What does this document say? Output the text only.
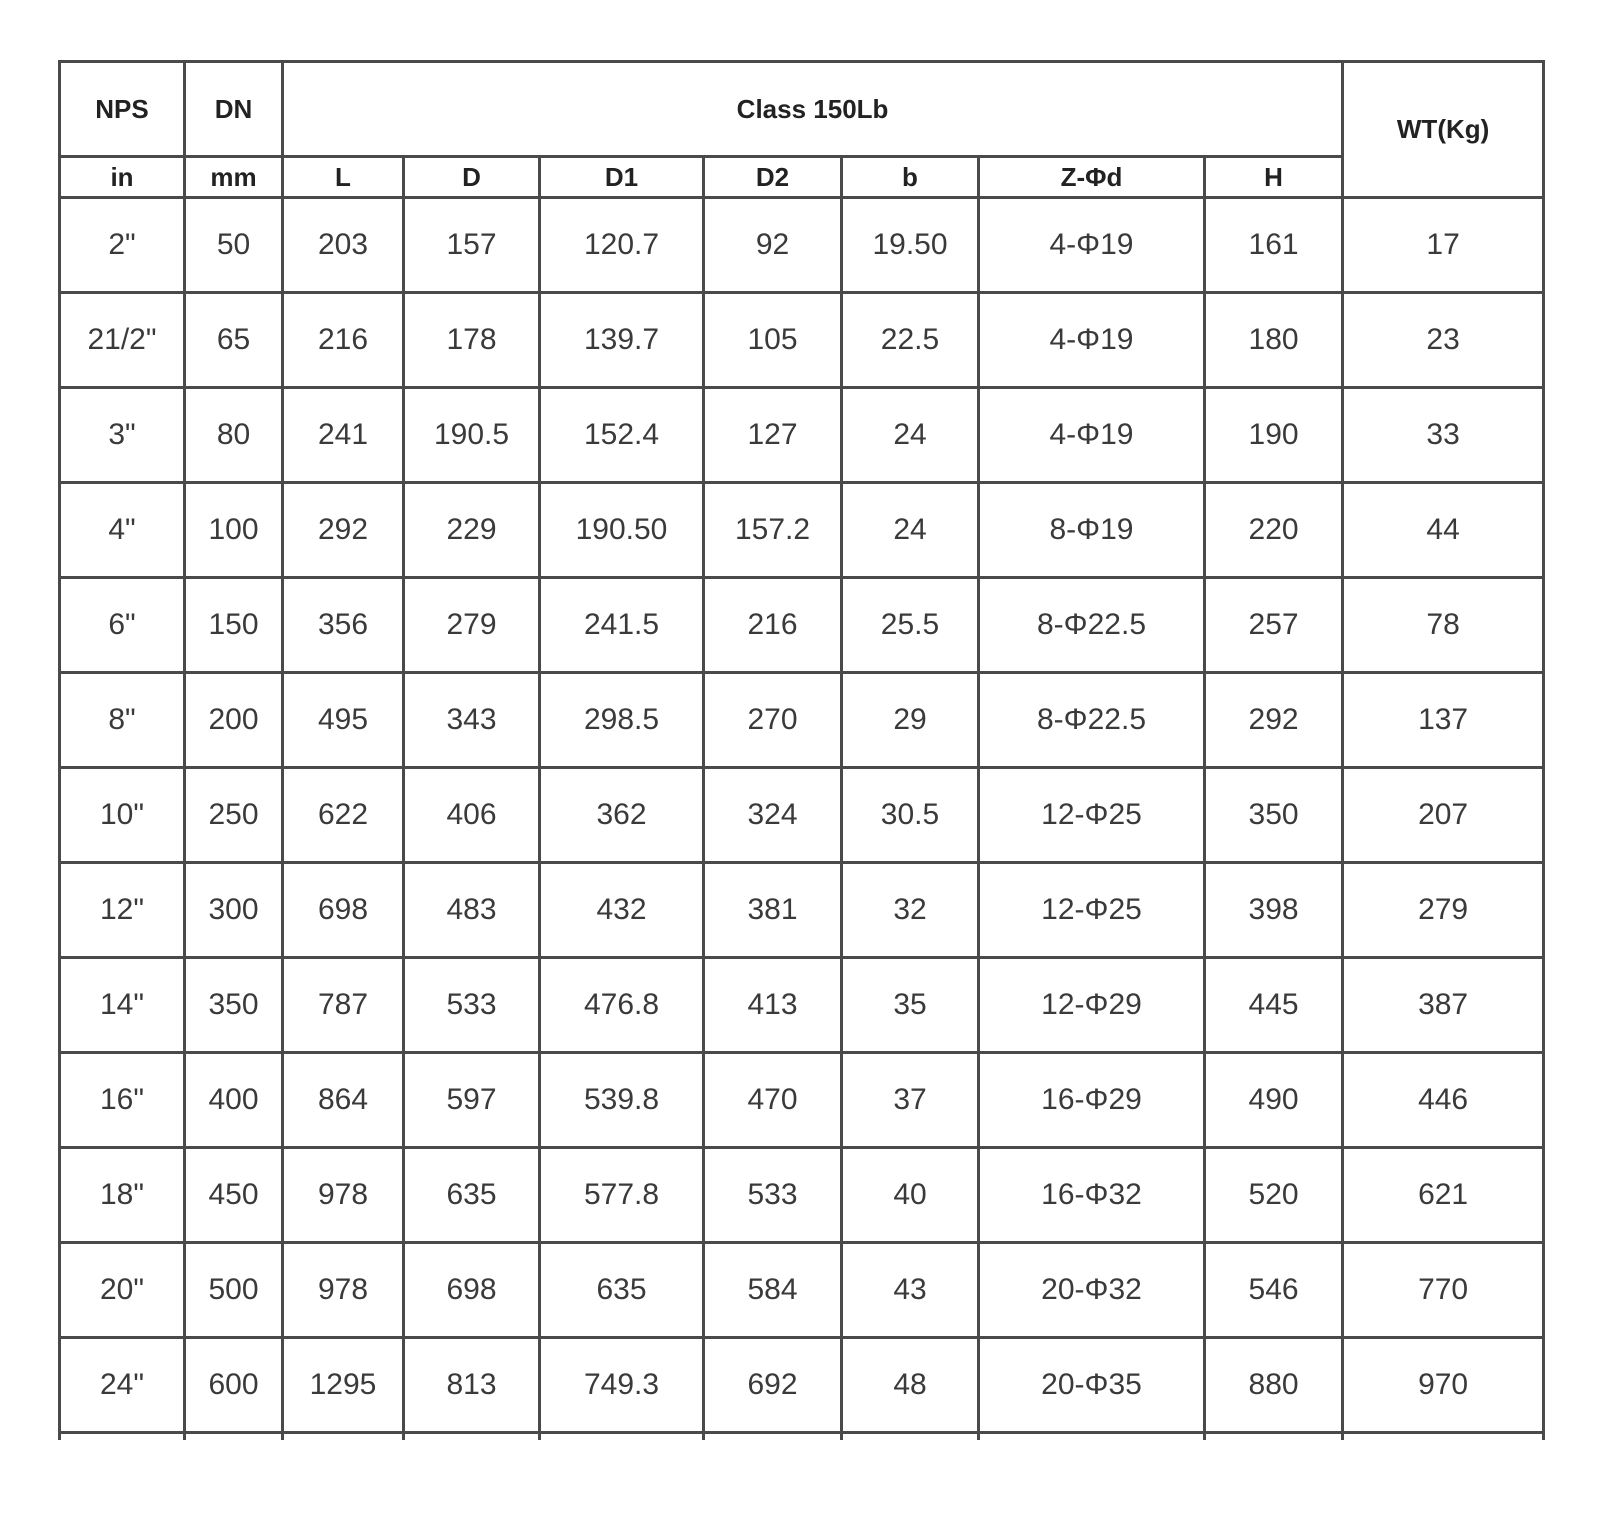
NPS	DN	Class 150Lb							WT(Kg)
in	mm	L	D	D1	D2	b	Z-Φd	H	
2"	50	203	157	120.7	92	19.50	4-Φ19	161	17
21/2"	65	216	178	139.7	105	22.5	4-Φ19	180	23
3"	80	241	190.5	152.4	127	24	4-Φ19	190	33
4"	100	292	229	190.50	157.2	24	8-Φ19	220	44
6"	150	356	279	241.5	216	25.5	8-Φ22.5	257	78
8"	200	495	343	298.5	270	29	8-Φ22.5	292	137
10"	250	622	406	362	324	30.5	12-Φ25	350	207
12"	300	698	483	432	381	32	12-Φ25	398	279
14"	350	787	533	476.8	413	35	12-Φ29	445	387
16"	400	864	597	539.8	470	37	16-Φ29	490	446
18"	450	978	635	577.8	533	40	16-Φ32	520	621
20"	500	978	698	635	584	43	20-Φ32	546	770
24"	600	1295	813	749.3	692	48	20-Φ35	880	970
